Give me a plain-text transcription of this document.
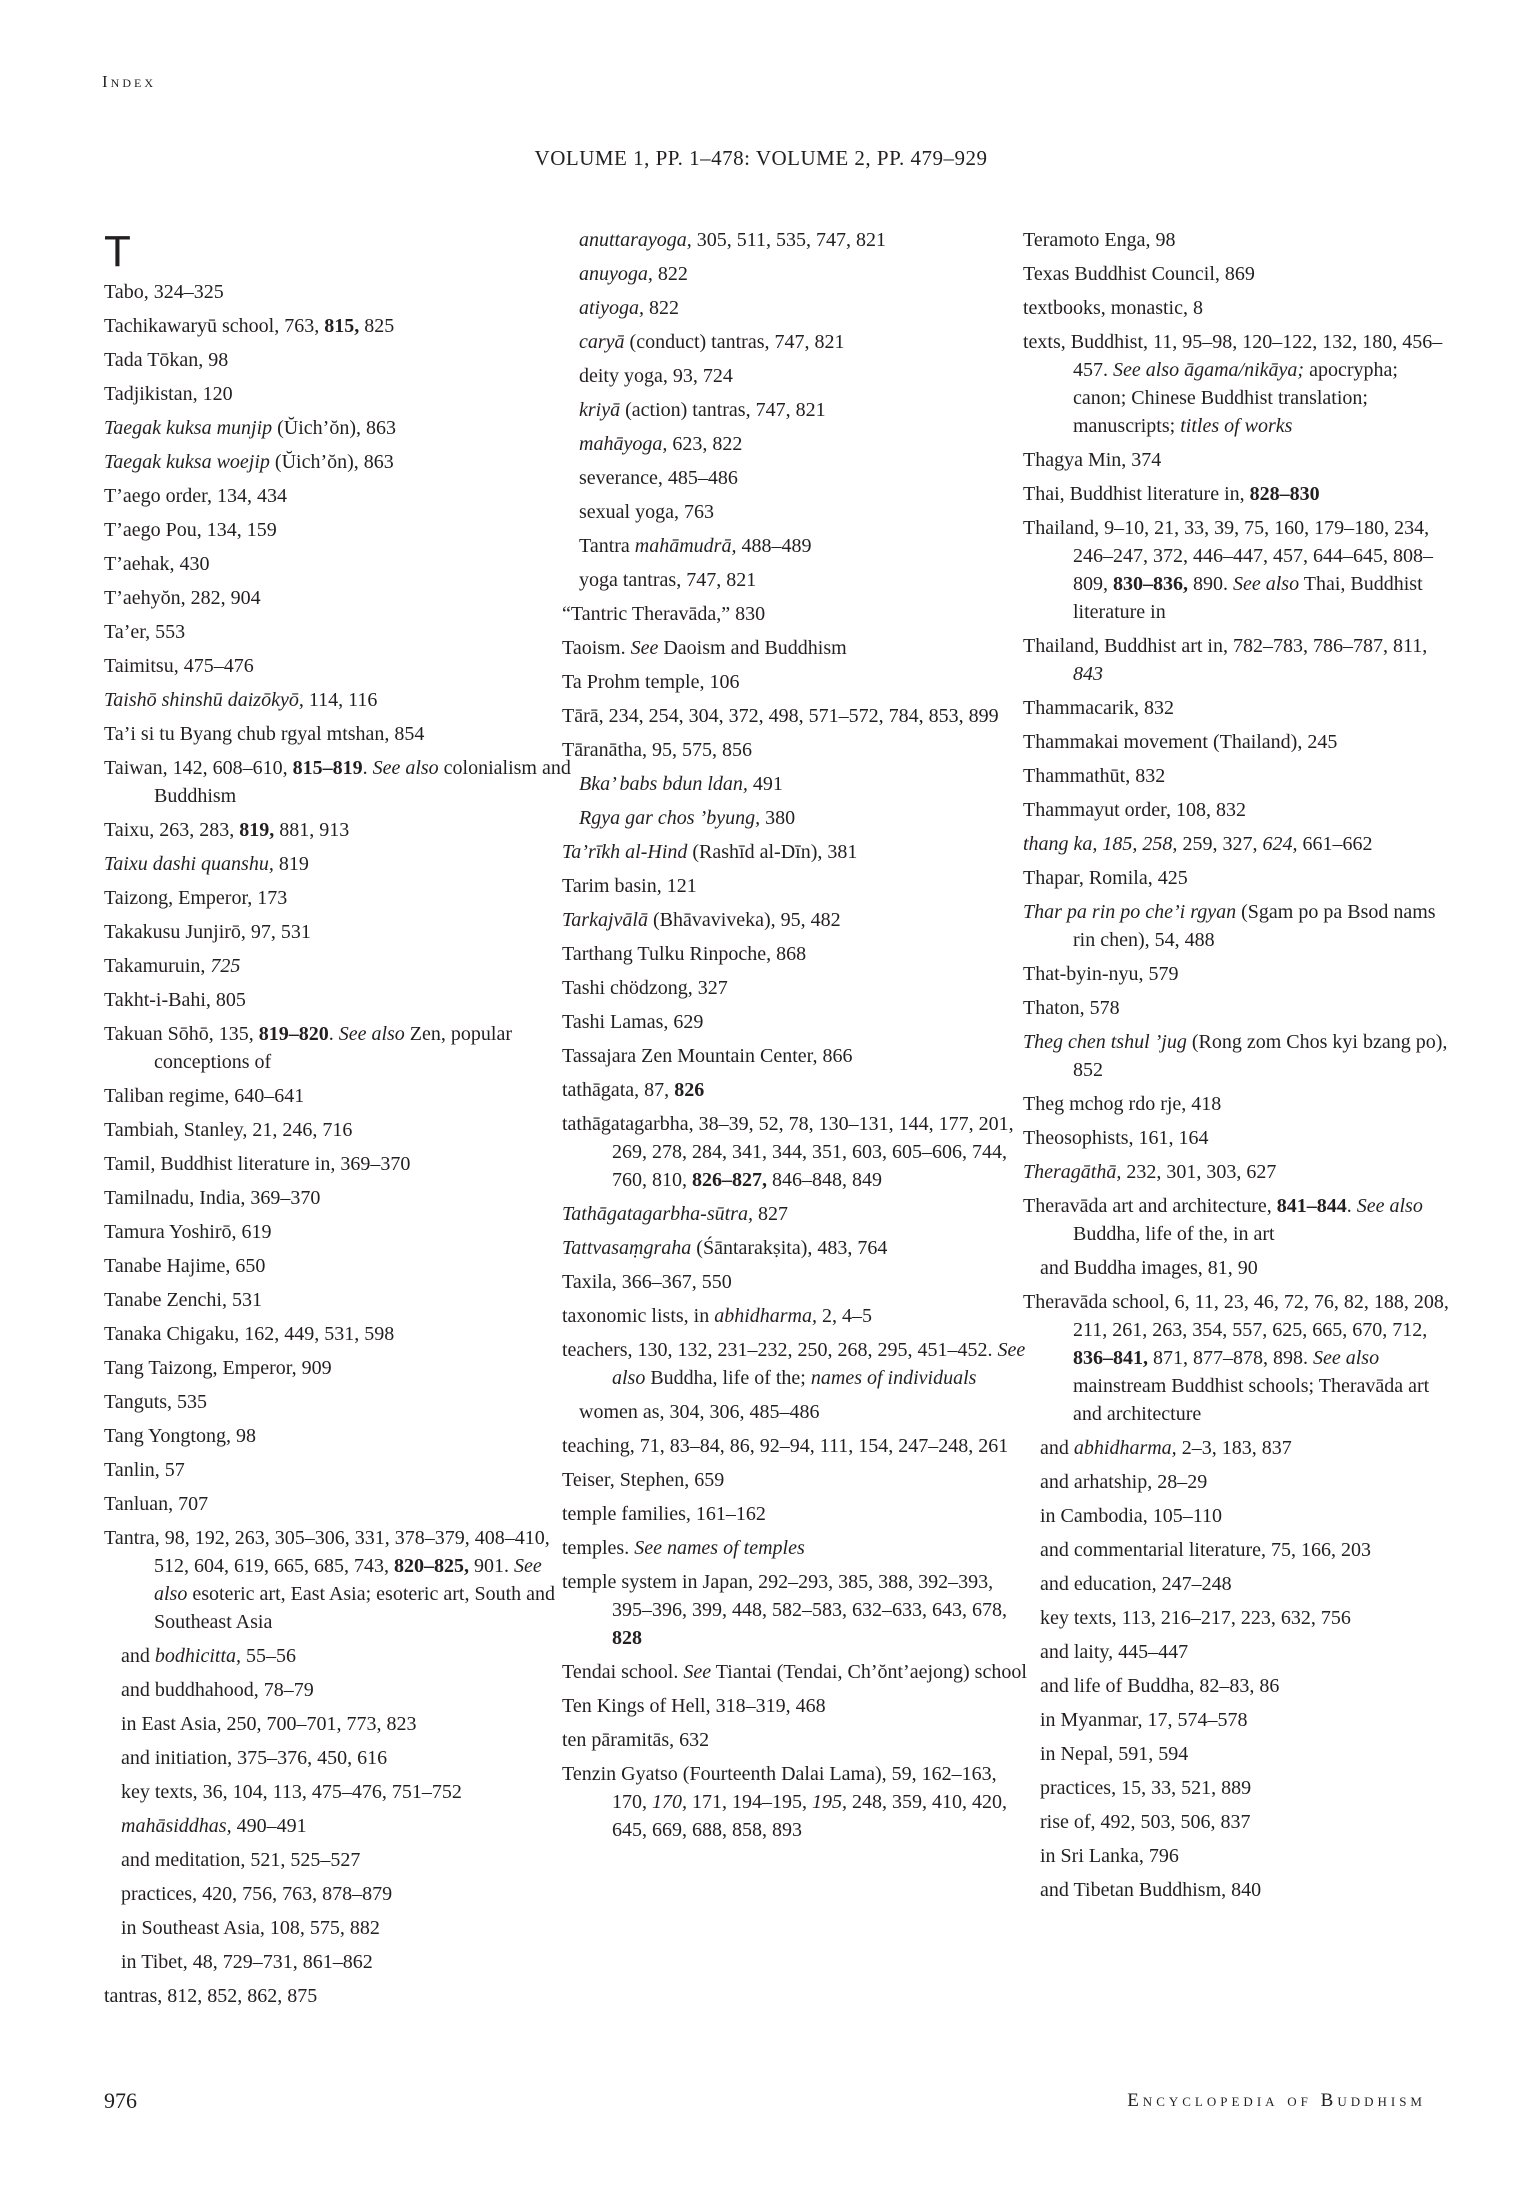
Index
VOLUME 1, PP. 1–478: VOLUME 2, PP. 479–929
T
Tabo, 324–325
Tachikawaryū school, 763, 815, 825
Tada Tōkan, 98
Tadjikistan, 120
Taegak kuksa munjip (Ŭich’ŏn), 863
Taegak kuksa woejip (Ŭich’ŏn), 863
T’aego order, 134, 434
T’aego Pou, 134, 159
T’aehak, 430
T’aehyŏn, 282, 904
Ta’er, 553
Taimitsu, 475–476
Taishō shinshū daizōkyō, 114, 116
Ta’i si tu Byang chub rgyal mtshan, 854
Taiwan, 142, 608–610, 815–819. See also colonialism and Buddhism
Taixu, 263, 283, 819, 881, 913
Taixu dashi quanshu, 819
Taizong, Emperor, 173
Takakusu Junjirō, 97, 531
Takamuruin, 725
Takht-i-Bahi, 805
Takuan Sōhō, 135, 819–820. See also Zen, popular conceptions of
Taliban regime, 640–641
Tambiah, Stanley, 21, 246, 716
Tamil, Buddhist literature in, 369–370
Tamilnadu, India, 369–370
Tamura Yoshirō, 619
Tanabe Hajime, 650
Tanabe Zenchi, 531
Tanaka Chigaku, 162, 449, 531, 598
Tang Taizong, Emperor, 909
Tanguts, 535
Tang Yongtong, 98
Tanlin, 57
Tanluan, 707
Tantra, 98, 192, 263, 305–306, 331, 378–379, 408–410, 512, 604, 619, 665, 685, 743, 820–825, 901. See also esoteric art, East Asia; esoteric art, South and Southeast Asia
and bodhicitta, 55–56
and buddhahood, 78–79
in East Asia, 250, 700–701, 773, 823
and initiation, 375–376, 450, 616
key texts, 36, 104, 113, 475–476, 751–752
mahāsiddhas, 490–491
and meditation, 521, 525–527
practices, 420, 756, 763, 878–879
in Southeast Asia, 108, 575, 882
in Tibet, 48, 729–731, 861–862
tantras, 812, 852, 862, 875
anuttarayoga, 305, 511, 535, 747, 821
anuyoga, 822
atiyoga, 822
caryā (conduct) tantras, 747, 821
deity yoga, 93, 724
kriyā (action) tantras, 747, 821
mahāyoga, 623, 822
severance, 485–486
sexual yoga, 763
Tantra mahāmudrā, 488–489
yoga tantras, 747, 821
“Tantric Theravāda,” 830
Taoism. See Daoism and Buddhism
Ta Prohm temple, 106
Tārā, 234, 254, 304, 372, 498, 571–572, 784, 853, 899
Tāranātha, 95, 575, 856
Bka’ babs bdun ldan, 491
Rgya gar chos ’byung, 380
Ta’rīkh al-Hind (Rashīd al-Dīn), 381
Tarim basin, 121
Tarkajvālā (Bhāvaviveka), 95, 482
Tarthang Tulku Rinpoche, 868
Tashi chödzong, 327
Tashi Lamas, 629
Tassajara Zen Mountain Center, 866
tathāgata, 87, 826
tathāgatagarbha, 38–39, 52, 78, 130–131, 144, 177, 201, 269, 278, 284, 341, 344, 351, 603, 605–606, 744, 760, 810, 826–827, 846–848, 849
Tathāgatagarbha-sūtra, 827
Tattvasaṃgraha (Śāntarakṣita), 483, 764
Taxila, 366–367, 550
taxonomic lists, in abhidharma, 2, 4–5
teachers, 130, 132, 231–232, 250, 268, 295, 451–452. See also Buddha, life of the; names of individuals
women as, 304, 306, 485–486
teaching, 71, 83–84, 86, 92–94, 111, 154, 247–248, 261
Teiser, Stephen, 659
temple families, 161–162
temples. See names of temples
temple system in Japan, 292–293, 385, 388, 392–393, 395–396, 399, 448, 582–583, 632–633, 643, 678, 828
Tendai school. See Tiantai (Tendai, Ch’ŏnt’aejong) school
Ten Kings of Hell, 318–319, 468
ten pāramitās, 632
Tenzin Gyatso (Fourteenth Dalai Lama), 59, 162–163, 170, 170, 171, 194–195, 195, 248, 359, 410, 420, 645, 669, 688, 858, 893
Teramoto Enga, 98
Texas Buddhist Council, 869
textbooks, monastic, 8
texts, Buddhist, 11, 95–98, 120–122, 132, 180, 456–457. See also āgama/nikāya; apocrypha; canon; Chinese Buddhist translation; manuscripts; titles of works
Thagya Min, 374
Thai, Buddhist literature in, 828–830
Thailand, 9–10, 21, 33, 39, 75, 160, 179–180, 234, 246–247, 372, 446–447, 457, 644–645, 808–809, 830–836, 890. See also Thai, Buddhist literature in
Thailand, Buddhist art in, 782–783, 786–787, 811, 843
Thammacarik, 832
Thammakai movement (Thailand), 245
Thammathūt, 832
Thammayut order, 108, 832
thang ka, 185, 258, 259, 327, 624, 661–662
Thapar, Romila, 425
Thar pa rin po che’i rgyan (Sgam po pa Bsod nams rin chen), 54, 488
That-byin-nyu, 579
Thaton, 578
Theg chen tshul ’jug (Rong zom Chos kyi bzang po), 852
Theg mchog rdo rje, 418
Theosophists, 161, 164
Theragāthā, 232, 301, 303, 627
Theravāda art and architecture, 841–844. See also Buddha, life of the, in art
and Buddha images, 81, 90
Theravāda school, 6, 11, 23, 46, 72, 76, 82, 188, 208, 211, 261, 263, 354, 557, 625, 665, 670, 712, 836–841, 871, 877–878, 898. See also mainstream Buddhist schools; Theravāda art and architecture
and abhidharma, 2–3, 183, 837
and arhatship, 28–29
in Cambodia, 105–110
and commentarial literature, 75, 166, 203
and education, 247–248
key texts, 113, 216–217, 223, 632, 756
and laity, 445–447
and life of Buddha, 82–83, 86
in Myanmar, 17, 574–578
in Nepal, 591, 594
practices, 15, 33, 521, 889
rise of, 492, 503, 506, 837
in Sri Lanka, 796
and Tibetan Buddhism, 840
976	Encyclopedia of Buddhism
